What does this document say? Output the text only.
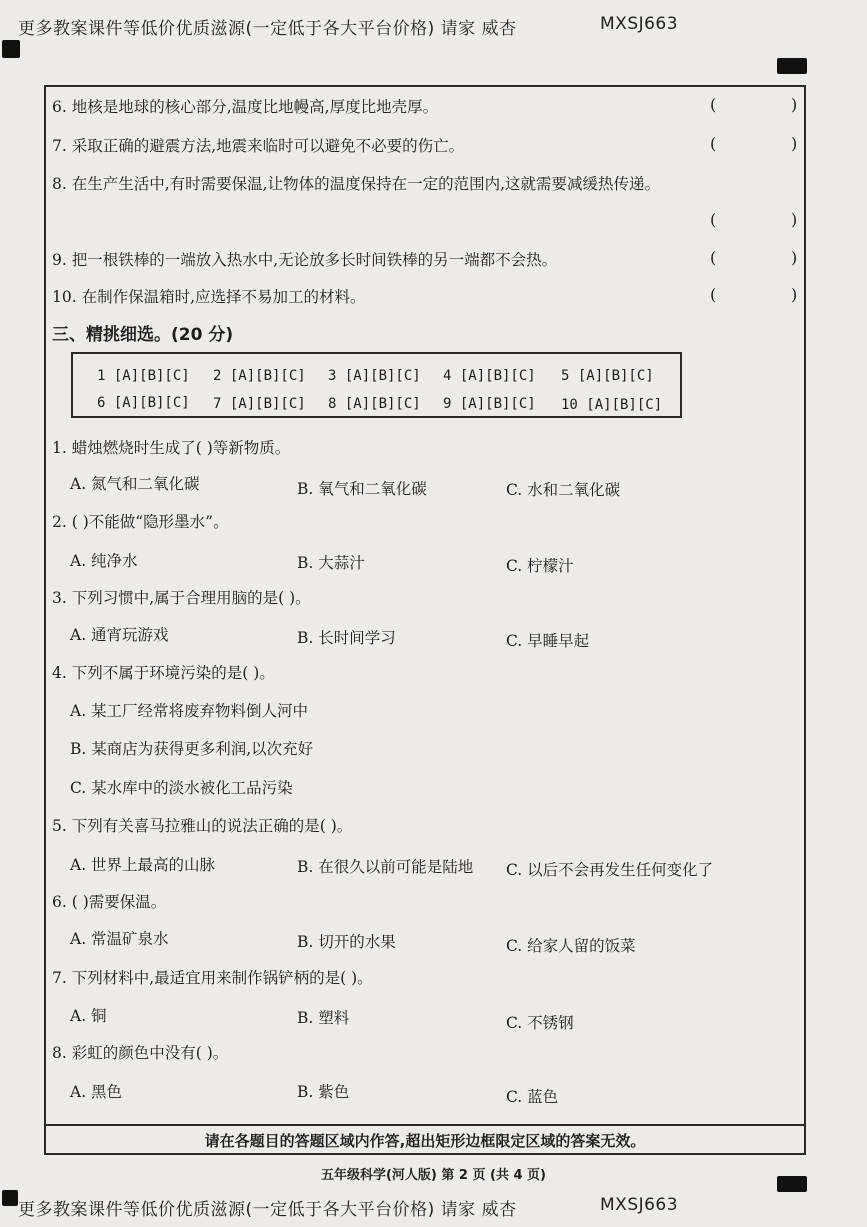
更多教案课件等低价优质滋源(一定低于各大平台价格) 请家 威杏	MXSJ663
6. 地核是地球的核心部分,温度比地幔高,厚度比地壳厚。	(	)
7. 采取正确的避震方法,地震来临时可以避免不必要的伤亡。	(	)
8. 在生产生活中,有时需要保温,让物体的温度保持在一定的范围内,这就需要减缓热传递。
(	)
9. 把一根铁棒的一端放入热水中,无论放多长时间铁棒的另一端都不会热。	(	)
10. 在制作保温箱时,应选择不易加工的材料。	(	)
三、精挑细选。(20 分)
1 [A][B][C] 2 [A][B][C] 3 [A][B][C] 4 [A][B][C] 5 [A][B][C]
6 [A][B][C] 7 [A][B][C] 8 [A][B][C] 9 [A][B][C] 10 [A][B][C]
1. 蜡烛燃烧时生成了( )等新物质。
A. 氮气和二氧化碳	B. 氧气和二氧化碳	C. 水和二氧化碳
2. ( )不能做“隐形墨水”。
A. 纯净水	B. 大蒜汁	C. 柠檬汁
3. 下列习惯中,属于合理用脑的是( )。
A. 通宵玩游戏	B. 长时间学习	C. 早睡早起
4. 下列不属于环境污染的是( )。
A. 某工厂经常将废弃物料倒人河中
B. 某商店为获得更多利润,以次充好
C. 某水库中的淡水被化工品污染
5. 下列有关喜马拉雅山的说法正确的是( )。
A. 世界上最高的山脉	B. 在很久以前可能是陆地 C. 以后不会再发生任何变化了
6. ( )需要保温。
A. 常温矿泉水	B. 切开的水果	C. 给家人留的饭菜
7. 下列材料中,最适宜用来制作锅铲柄的是( )。
A. 铜	B. 塑料	C. 不锈钢
8. 彩虹的颜色中没有( )。
A. 黑色	B. 紫色	C. 蓝色
请在各题目的答题区域内作答,超出矩形边框限定区域的答案无效。
五年级科学(河人版) 第 2 页 (共 4 页)
更多教案课件等低价优质滋源(一定低于各大平台价格) 请家 威杏	MXSJ663
